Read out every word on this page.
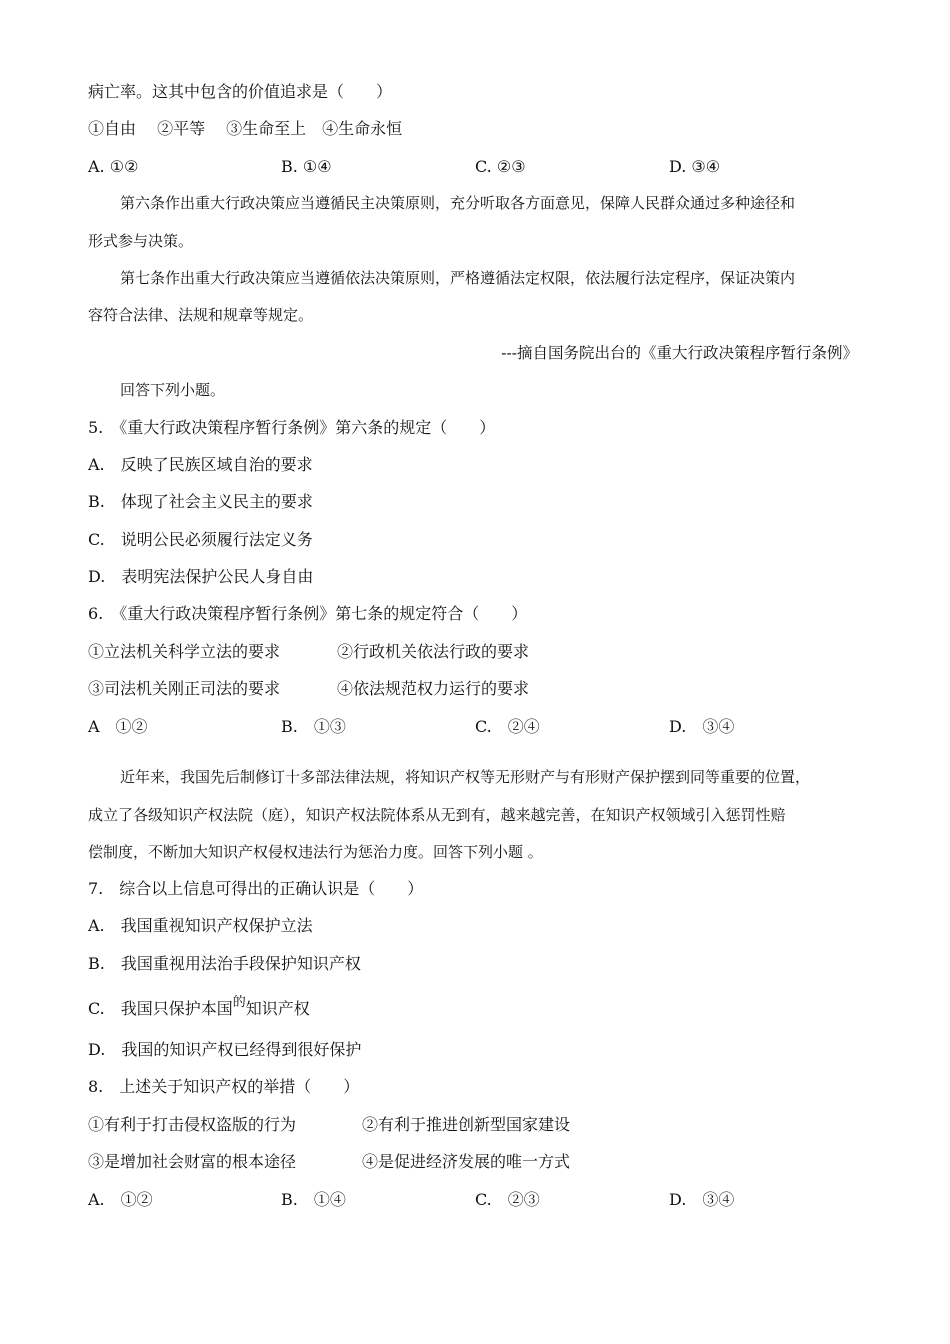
病亡率。这其中包含的价值追求是（　　）
①自由　 ②平等　 ③生命至上　④生命永恒
A. ①②	B. ①④	C. ②③	D. ③④
第六条作出重大行政决策应当遵循民主决策原则，充分听取各方面意见，保障人民群众通过多种途径和
形式参与决策。
第七条作出重大行政决策应当遵循依法决策原则，严格遵循法定权限，依法履行法定程序，保证决策内
容符合法律、法规和规章等规定。
---摘自国务院出台的《重大行政决策程序暂行条例》
回答下列小题。
5.　《重大行政决策程序暂行条例》第六条的规定（　　）
A.　反映了民族区域自治的要求
B.　体现了社会主义民主的要求
C.　说明公民必须履行法定义务
D.　表明宪法保护公民人身自由
6.　《重大行政决策程序暂行条例》第七条的规定符合（　　）
①立法机关科学立法的要求	②行政机关依法行政的要求
③司法机关刚正司法的要求	④依法规范权力运行的要求
A　①②	B.　①③	C.　②④	D.　③④
近年来，我国先后制修订十多部法律法规，将知识产权等无形财产与有形财产保护摆到同等重要的位置，
成立了各级知识产权法院（庭），知识产权法院体系从无到有，越来越完善，在知识产权领域引入惩罚性赔
偿制度，不断加大知识产权侵权违法行为惩治力度。回答下列小题 。
7.　综合以上信息可得出的正确认识是（　　）
A.　我国重视知识产权保护立法
B.　我国重视用法治手段保护知识产权
C.　我国只保护本国$^的$知识产权
D.　我国的知识产权已经得到很好保护
8.　上述关于知识产权的举措（　　）
①有利于打击侵权盗版的行为	②有利于推进创新型国家建设
③是增加社会财富的根本途径	④是促进经济发展的唯一方式
A.　①②	B.　①④	C.　②③	D.　③④
